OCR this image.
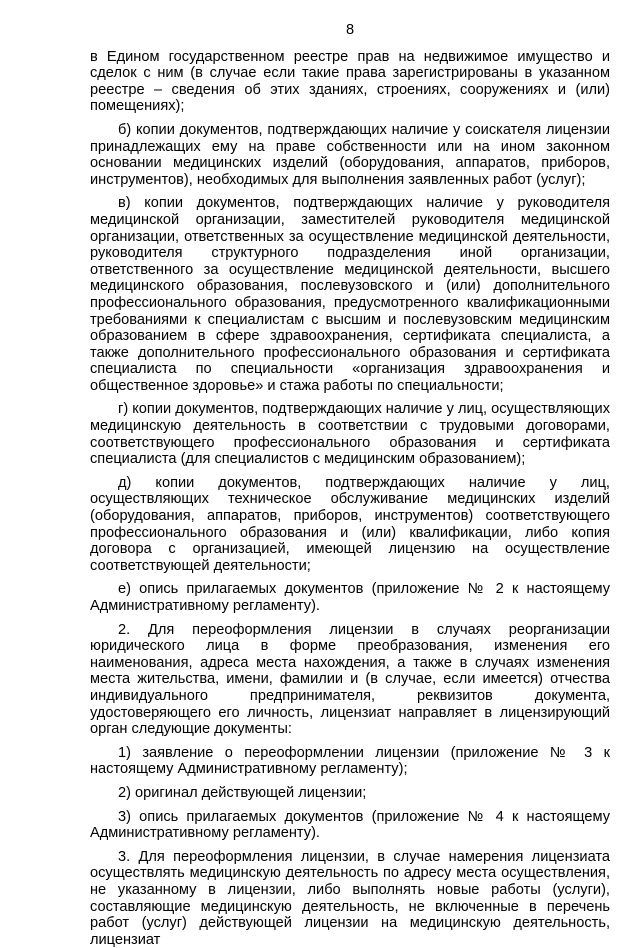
8

в Едином государственном реестре прав на недвижимое имущество и сделок с ним (в случае если такие права зарегистрированы в указанном реестре – сведения об этих зданиях, строениях, сооружениях и (или) помещениях);

б) копии документов, подтверждающих наличие у соискателя лицензии принадлежащих ему на праве собственности или на ином законном основании медицинских изделий (оборудования, аппаратов, приборов, инструментов), необходимых для выполнения заявленных работ (услуг);

в) копии документов, подтверждающих наличие у руководителя медицинской организации, заместителей руководителя медицинской организации, ответственных за осуществление медицинской деятельности, руководителя структурного подразделения иной организации, ответственного за осуществление медицинской деятельности, высшего медицинского образования, послевузовского и (или) дополнительного профессионального образования, предусмотренного квалификационными требованиями к специалистам с высшим и послевузовским медицинским образованием в сфере здравоохранения, сертификата специалиста, а также дополнительного профессионального образования и сертификата специалиста по специальности «организация здравоохранения и общественное здоровье» и стажа работы по специальности;

г) копии документов, подтверждающих наличие у лиц, осуществляющих медицинскую деятельность в соответствии с трудовыми договорами, соответствующего профессионального образования и сертификата специалиста (для специалистов с медицинским образованием);

д) копии документов, подтверждающих наличие у лиц, осуществляющих техническое обслуживание медицинских изделий (оборудования, аппаратов, приборов, инструментов) соответствующего профессионального образования и (или) квалификации, либо копия договора с организацией, имеющей лицензию на осуществление соответствующей деятельности;

е) опись прилагаемых документов (приложение № 2 к настоящему Административному регламенту).

2. Для переоформления лицензии в случаях реорганизации юридического лица в форме преобразования, изменения его наименования, адреса места нахождения, а также в случаях изменения места жительства, имени, фамилии и (в случае, если имеется) отчества индивидуального предпринимателя, реквизитов документа, удостоверяющего его личность, лицензиат направляет в лицензирующий орган следующие документы:

1) заявление о переоформлении лицензии (приложение № 3 к настоящему Административному регламенту);

2) оригинал действующей лицензии;

3) опись прилагаемых документов (приложение № 4 к настоящему Административному регламенту).

3. Для переоформления лицензии, в случае намерения лицензиата осуществлять медицинскую деятельность по адресу места осуществления, не указанному в лицензии, либо выполнять новые работы (услуги), составляющие медицинскую деятельность, не включенные в перечень работ (услуг) действующей лицензии на медицинскую деятельность, лицензиат
